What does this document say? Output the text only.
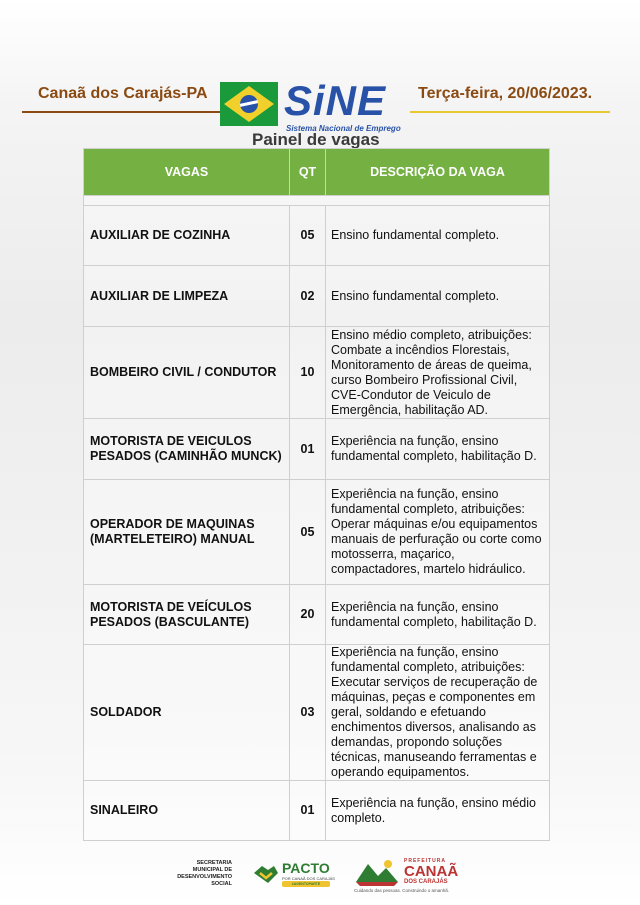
Canaã dos Carajás-PA SiNE
Sistema Nacional de Emprego
Terça-feira, 20/06/2023.
Painel de vagas
VAGAS	QT	DESCRIÇÃO DA VAGA

AUXILIAR DE COZINHA	05	Ensino fundamental completo.
AUXILIAR DE LIMPEZA	02	Ensino fundamental completo.
BOMBEIRO CIVIL / CONDUTOR	10	Ensino médio completo, atribuições: Combate a incêndios Florestais, Monitoramento de áreas de queima, curso Bombeiro Profissional Civil, CVE-Condutor de Veiculo de Emergência, habilitação AD.
MOTORISTA DE VEICULOS PESADOS (CAMINHÃO MUNCK)	01	Experiência na função, ensino fundamental completo, habilitação D.
OPERADOR DE MAQUINAS (MARTELETEIRO) MANUAL	05	Experiência na função, ensino fundamental completo, atribuições: Operar máquinas e/ou equipamentos manuais de perfuração ou corte como motosserra, maçarico, compactadores, martelo hidráulico.
MOTORISTA DE VEÍCULOS PESADOS (BASCULANTE)	20	Experiência na função, ensino fundamental completo, habilitação D.
SOLDADOR	03	Experiência na função, ensino fundamental completo, atribuições: Executar serviços de recuperação de máquinas, peças e componentes em geral, soldando e efetuando enchimentos diversos, analisando as demandas, propondo soluções técnicas, manuseando ferramentas e operando equipamentos.
SINALEIRO	01	Experiência na função, ensino médio completo.
SECRETARIA
MUNICIPAL DE
DESENVOLVIMENTO
SOCIAL
PACTO
POR CANAÃ DOS CARAJÁS
#AGENTOPARTE
PREFEITURA
CANAÃ
DOS CARAJÁS
Cuidando das pessoas. Construindo o amanhã.
